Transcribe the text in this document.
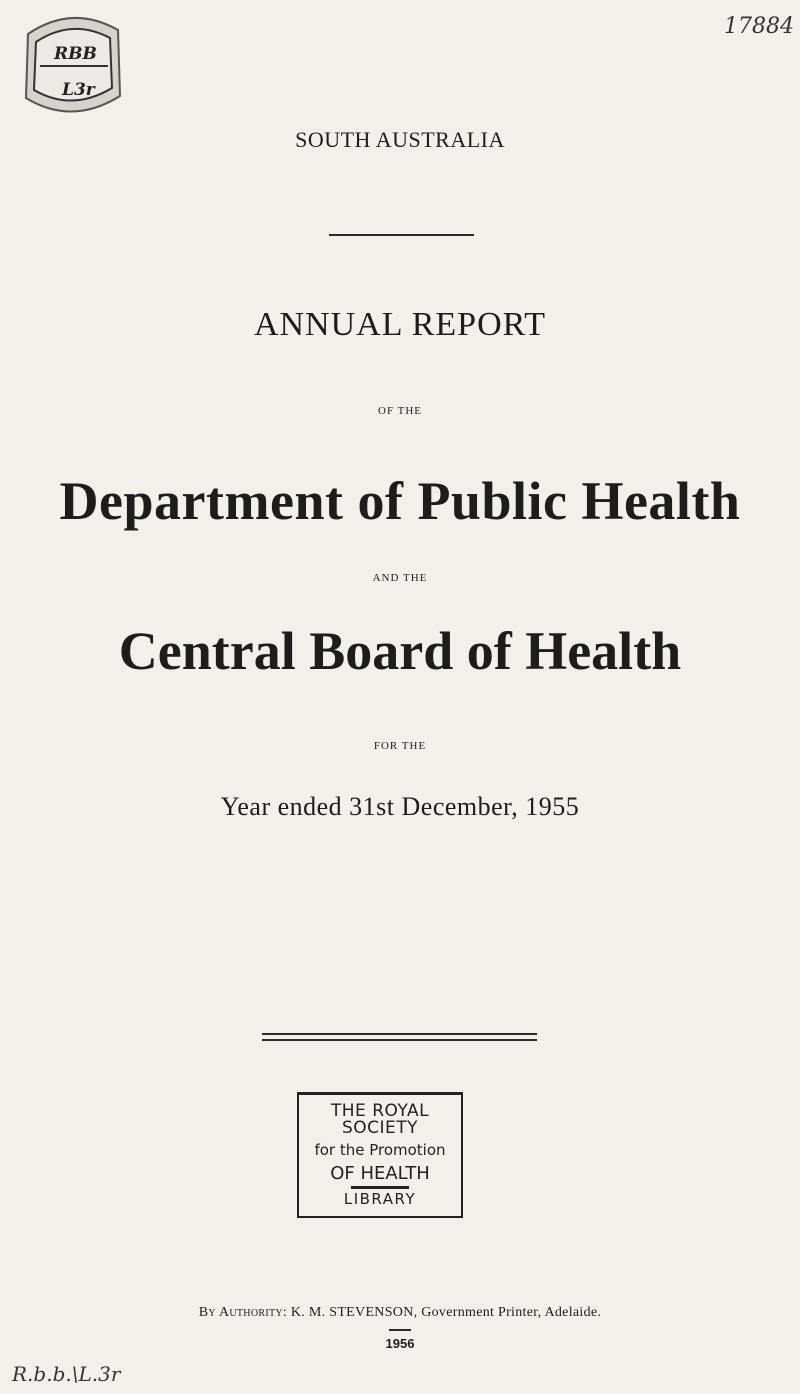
RBB
L3r
17884
SOUTH AUSTRALIA
ANNUAL REPORT
OF THE
Department of Public Health
AND THE
Central Board of Health
FOR THE
Year ended 31st December, 1955
THE ROYAL SOCIETY
for the Promotion
OF HEALTH
LIBRARY
By Authority: K. M. STEVENSON, Government Printer, Adelaide.
1956
R.b.b.\L.3r
